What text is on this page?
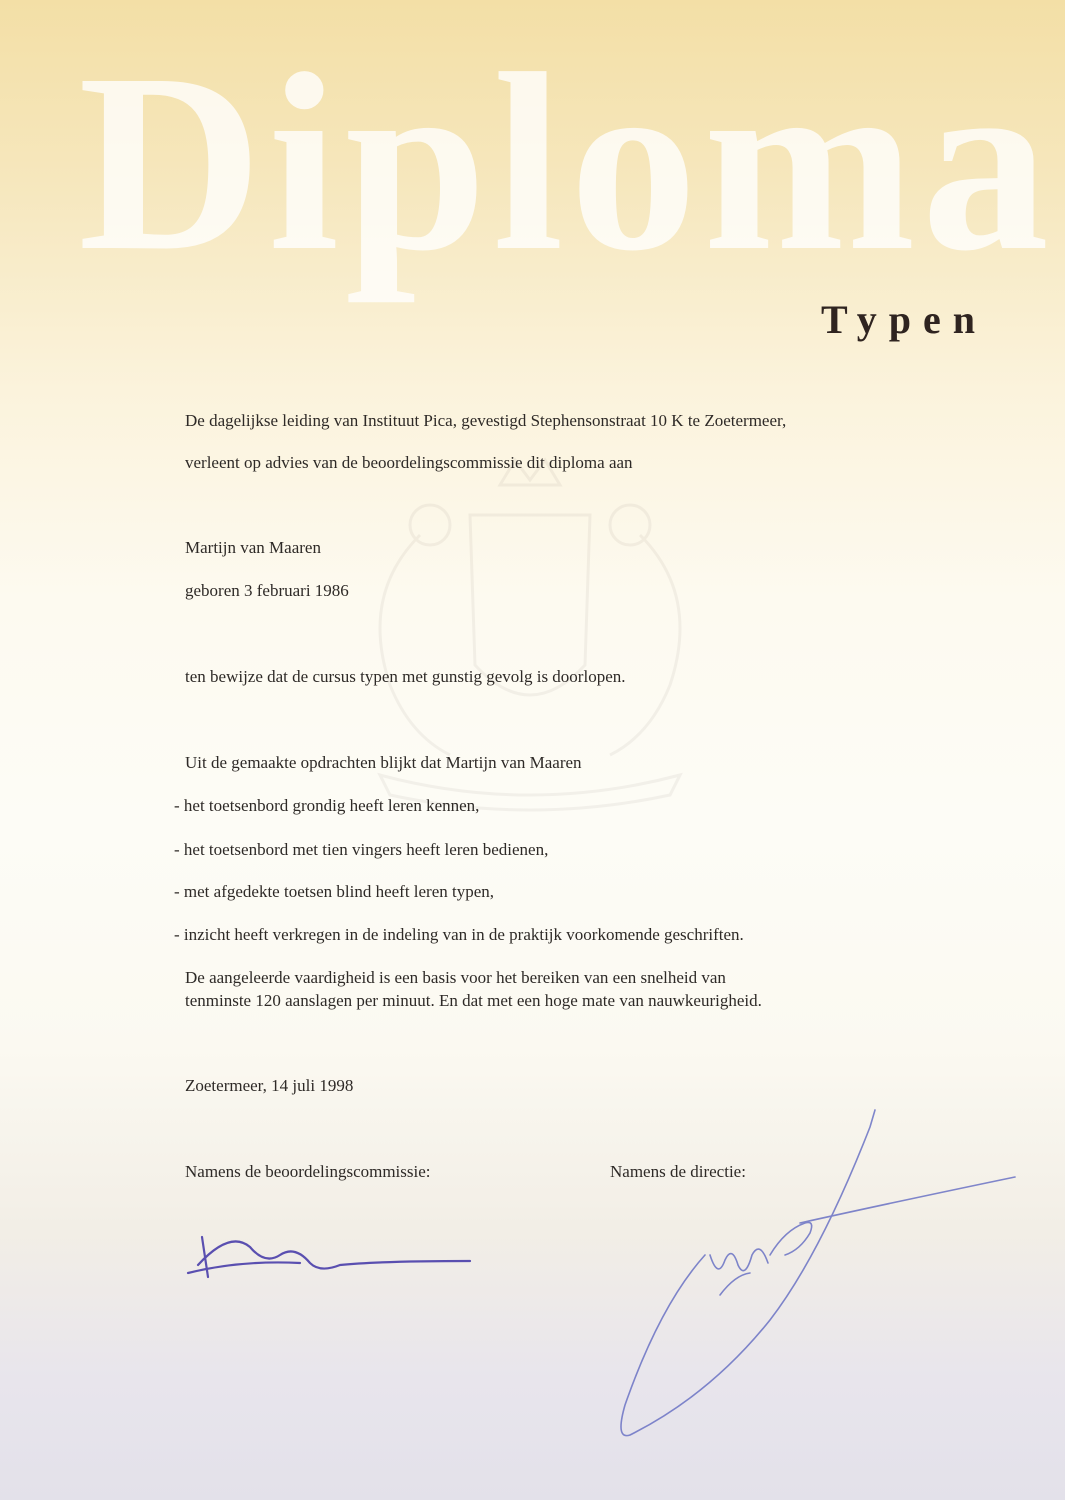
Diploma
Typen
De dagelijkse leiding van Instituut Pica, gevestigd Stephensonstraat 10 K te Zoetermeer,
verleent op advies van de beoordelingscommissie dit diploma aan
Martijn van Maaren
geboren 3 februari 1986
ten bewijze dat de cursus typen met gunstig gevolg is doorlopen.
Uit de gemaakte opdrachten blijkt dat Martijn van Maaren
- het toetsenbord grondig heeft leren kennen,
- het toetsenbord met tien vingers heeft leren bedienen,
- met afgedekte toetsen blind heeft leren typen,
- inzicht heeft verkregen in de indeling van in de praktijk voorkomende geschriften.
De aangeleerde vaardigheid is een basis voor het bereiken van een snelheid van
tenminste 120 aanslagen per minuut. En dat met een hoge mate van nauwkeurigheid.
Zoetermeer, 14 juli 1998
Namens de beoordelingscommissie:	Namens de directie:
